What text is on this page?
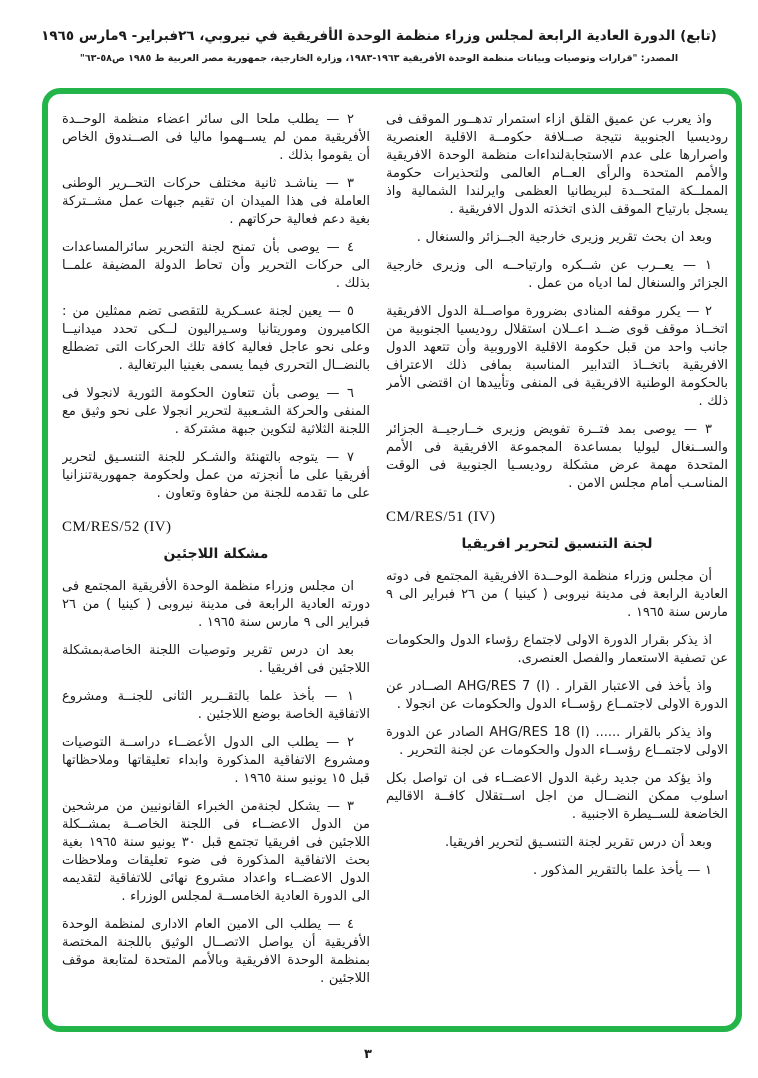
(تابع) الدورة العادية الرابعة لمجلس وزراء منظمة الوحدة الأفريقية في نيروبي، ٢٦فبراير- ٩مارس ١٩٦٥
المصدر: "قرارات وتوصيات وبيانات منظمة الوحدة الأفريقية ١٩٦٣-١٩٨٣، وزارة الخارجية، جمهورية مصر العربية ط ١٩٨٥ ص٥٨-٦٣"

واذ يعرب عن عميق القلق ازاء استمرار تدهــور الموقف فى روديسيا الجنوبية نتيجة صــلافة حكومــة الاقلية العنصرية واصرارها على عدم الاستجابةلنداءات منظمة الوحدة الافريقية والأمم المتحدة والرأى العــام العالمى ولتحذيرات حكومة المملــكة المتحــدة لبريطانيا العظمى وايرلندا الشمالية واذ يسجل بارتياح الموقف الذى اتخذته الدول الافريقية .

وبعد ان بحث تقرير وزيرى خارجية الجــزائر والسنغال .

١ — يعــرب عن شــكره وارتياحــه الى وزيرى خارجية الجزائر والسنغال لما ادياه من عمل .

٢ — يكرر موقفه المنادى بضرورة مواصــلة الدول الافريقية اتخــاذ موقف قوى ضــد اعــلان استقلال روديسيا الجنوبية من جانب واحد من قبل حكومة الاقلية الاوروبية وأن تتعهد الدول الافريقية باتخــاذ التدابير المناسبة بمافى ذلك الاعتراف بالحكومة الوطنية الافريقية فى المنفى وتأييدها ان اقتضى الأمر ذلك .

٣ — يوصى بمد فتــرة تفويض وزيرى خــارجيــة الجزائر والســنغال ليوليا بمساعدة المجموعة الافريقية فى الأمم المتحدة مهمة عرض مشكلة روديسـيا الجنوبية فى الوقت المناسـب أمام مجلس الامن .

CM/RES/51 (IV)
لجنة التنسيق لتحرير افريقيا

أن مجلس وزراء منظمة الوحــدة الافريقية المجتمع فى دوته العادية الرابعة فى مدينة نيروبى ( كينيا ) من ٢٦ فبراير الى ٩ مارس سنة ١٩٦٥ .

اذ يذكر بقرار الدورة الاولى لاجتماع رؤساء الدول والحكومات عن تصفية الاستعمار والفصل العنصرى.

واذ يأخذ فى الاعتبار القرار . ‎AHG/RES 7 (I)‎ الصــادر عن الدورة الاولى لاجتمــاع رؤســاء الدول والحكومات عن انجولا .

واذ يذكر بالقرار ...... ‎AHG/RES 18 (I)‎ الصادر عن الدورة الاولى لاجتمــاع رؤســاء الدول والحكومات عن لجنة التحرير .

واذ يؤكد من جديد رغبة الدول الاعضــاء فى ان تواصل بكل اسلوب ممكن النضــال من اجل اســتقلال كافــة الاقاليم الخاضعة للســيطرة الاجنبية .

وبعد أن درس تقرير لجنة التنسـيق لتحرير افريقيا.

١ — يأخذ علما بالتقرير المذكور .

٢ — يطلب ملحا الى سائر اعضاء منظمة الوحــدة الأفريقية ممن لم يســهموا ماليا فى الصــندوق الخاص أن يقوموا بذلك .

٣ — يناشـد ثانية مختلف حركات التحــرير الوطنى العاملة فى هذا الميدان ان تقيم جبهات عمل مشــتركة بغية دعم فعالية حركاتهم .

٤ — يوصى بأن تمنح لجنة التحرير سائرالمساعدات الى حركات التحرير وأن تحاط الدولة المضيفة علمــا بذلك .

٥ — يعين لجنة عسـكرية للتقصى تضم ممثلين من : الكاميرون وموريتانيا وسـيراليون لــكى تحدد ميدانيــا وعلى نحو عاجل فعالية كافة تلك الحركات التى تضطلع بالنضــال التحررى فيما يسمى بغينيا البرتغالية .

٦ — يوصى بأن تتعاون الحكومة الثورية لانجولا فى المنفى والحركة الشـعبية لتحرير انجولا على نحو وثيق مع اللجنة الثلاثية لتكوين جبهة مشتركة .

٧ — يتوجه بالتهنئة والشـكر للجنة التنسـيق لتحرير أفريقيا على ما أنجزته من عمل ولحكومة جمهوريةتنزانيا على ما تقدمه للجنة من حفاوة وتعاون .

CM/RES/52 (IV)
مشكلة اللاجئين

ان مجلس وزراء منظمة الوحدة الأفريقية المجتمع فى دورته العادية الرابعة فى مدينة نيروبى ( كينيا ) من ٢٦ فبراير الى ٩ مارس سنة ١٩٦٥ .

بعد ان درس تقرير وتوصيات اللجنة الخاصةبمشكلة اللاجئين فى افريقيا .

١ — بأخذ علما بالتقــرير الثانى للجنــة ومشروع الاتفاقية الخاصة بوضع اللاجئين .

٢ — يطلب الى الدول الأعضــاء دراســة التوصيات ومشروع الاتفاقية المذكورة وابداء تعليقاتها وملاحظاتها قبل ١٥ يونيو سنة ١٩٦٥ .

٣ — يشكل لجنةمن الخبراء القانونيين من مرشحين من الدول الاعضــاء فى اللجنة الخاصــة بمشــكلة اللاجئين فى افريقيا تجتمع قبل ٣٠ يونيو سنة ١٩٦٥ بغية بحث الاتفاقية المذكورة فى ضوء تعليقات وملاحظات الدول الاعضــاء واعداد مشروع نهائى للاتفاقية لتقديمه الى الدورة العادية الخامســة لمجلس الوزراء .

٤ — يطلب الى الامين العام الادارى لمنظمة الوحدة الأفريقية أن يواصل الاتصــال الوثيق باللجنة المختصة بمنظمة الوحدة الافريقية وبالأمم المتحدة لمتابعة موقف اللاجئين .

٣
